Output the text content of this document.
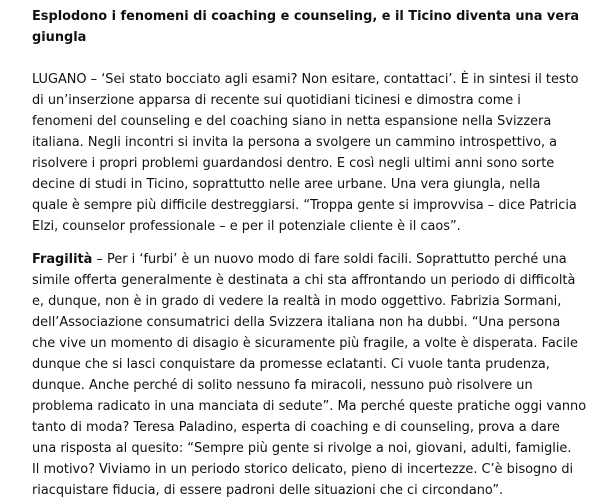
Esplodono i fenomeni di coaching e counseling, e il Ticino diventa una vera
giungla

LUGANO – ‘Sei stato bocciato agli esami? Non esitare, contattaci’. È in sintesi il testo
di un’inserzione apparsa di recente sui quotidiani ticinesi e dimostra come i
fenomeni del counseling e del coaching siano in netta espansione nella Svizzera
italiana. Negli incontri si invita la persona a svolgere un cammino introspettivo, a
risolvere i propri problemi guardandosi dentro. E così negli ultimi anni sono sorte
decine di studi in Ticino, soprattutto nelle aree urbane. Una vera giungla, nella
quale è sempre più difficile destreggiarsi. “Troppa gente si improvvisa – dice Patricia
Elzi, counselor professionale – e per il potenziale cliente è il caos”.

Fragilità – Per i ‘furbi’ è un nuovo modo di fare soldi facili. Soprattutto perché una
simile offerta generalmente è destinata a chi sta affrontando un periodo di difficoltà
e, dunque, non è in grado di vedere la realtà in modo oggettivo. Fabrizia Sormani,
dell’Associazione consumatrici della Svizzera italiana non ha dubbi. “Una persona
che vive un momento di disagio è sicuramente più fragile, a volte è disperata. Facile
dunque che si lasci conquistare da promesse eclatanti. Ci vuole tanta prudenza,
dunque. Anche perché di solito nessuno fa miracoli, nessuno può risolvere un
problema radicato in una manciata di sedute”. Ma perché queste pratiche oggi vanno
tanto di moda? Teresa Paladino, esperta di coaching e di counseling, prova a dare
una risposta al quesito: “Sempre più gente si rivolge a noi, giovani, adulti, famiglie.
Il motivo? Viviamo in un periodo storico delicato, pieno di incertezze. C’è bisogno di
riacquistare fiducia, di essere padroni delle situazioni che ci circondano”.
